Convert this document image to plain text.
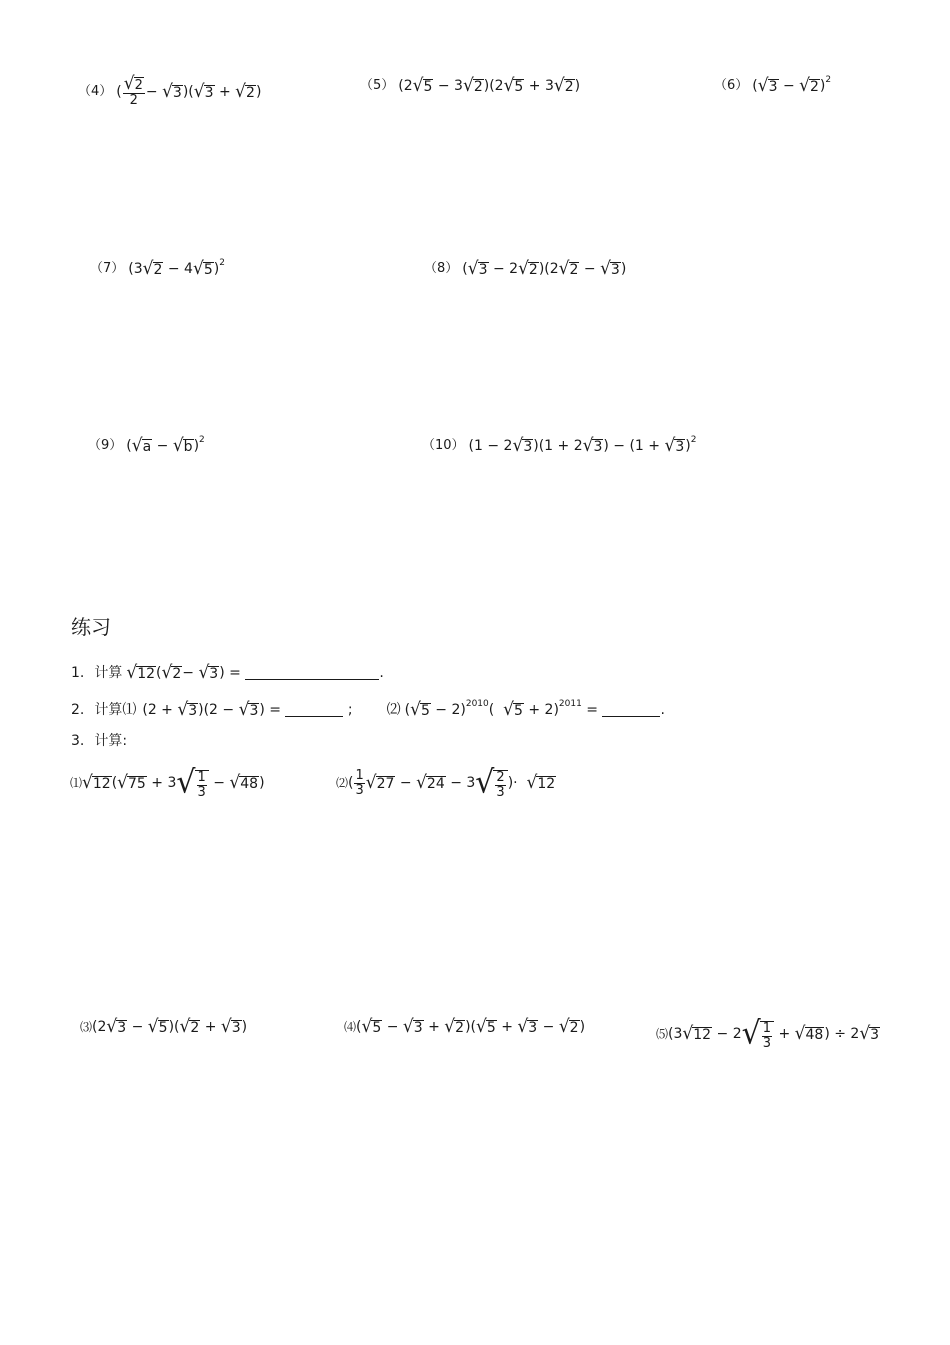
（4） ( $\frac{√ 2}{2}$ − √ 3 )( √ 3 + √ 2 )	（5） (2 √ 5 − 3 √ 2 )(2 √ 5 + 3 √ 2 )	（6） ( √ 3 − √ 2 )$^2$
（7） (3 √ 2 − 4 √ 5 )$^2$	（8） ( √ 3 − 2 √ 2 )(2 √ 2 − √ 3 )
（9） ( √ a − √ b )$^2$	（10） (1 − 2 √ 3 )(1 + 2 √ 3 ) − (1 + √ 3 )$^2$
练习
1. 计算 √ 12 ( √ 2 − √ 3 ) =	.
2. 计算⑴ (2 + √ 3 )(2 − √ 3 ) =	; ⑵ ( √ 5 − 2)$^{2010}$ ( √ 5 + 2)$^{2011}$ =	.
3. 计算:
⑴ √ 12 ( √ 75 + 3 √ $\frac{1}{3}$ − √ 48 )	⑵ ( $\frac{1}{3}$ √ 27 − √ 24 − 3 √ $\frac{2}{3}$ )· √ 12
⑶ (2 √ 3 − √ 5 )( √ 2 + √ 3 )	⑷ ( √ 5 − √ 3 + √ 2 )( √ 5 + √ 3 − √ 2 )	⑸ (3 √ 12 − 2 √ $\frac{1}{3}$ + √ 48 ) ÷ 2 √ 3
